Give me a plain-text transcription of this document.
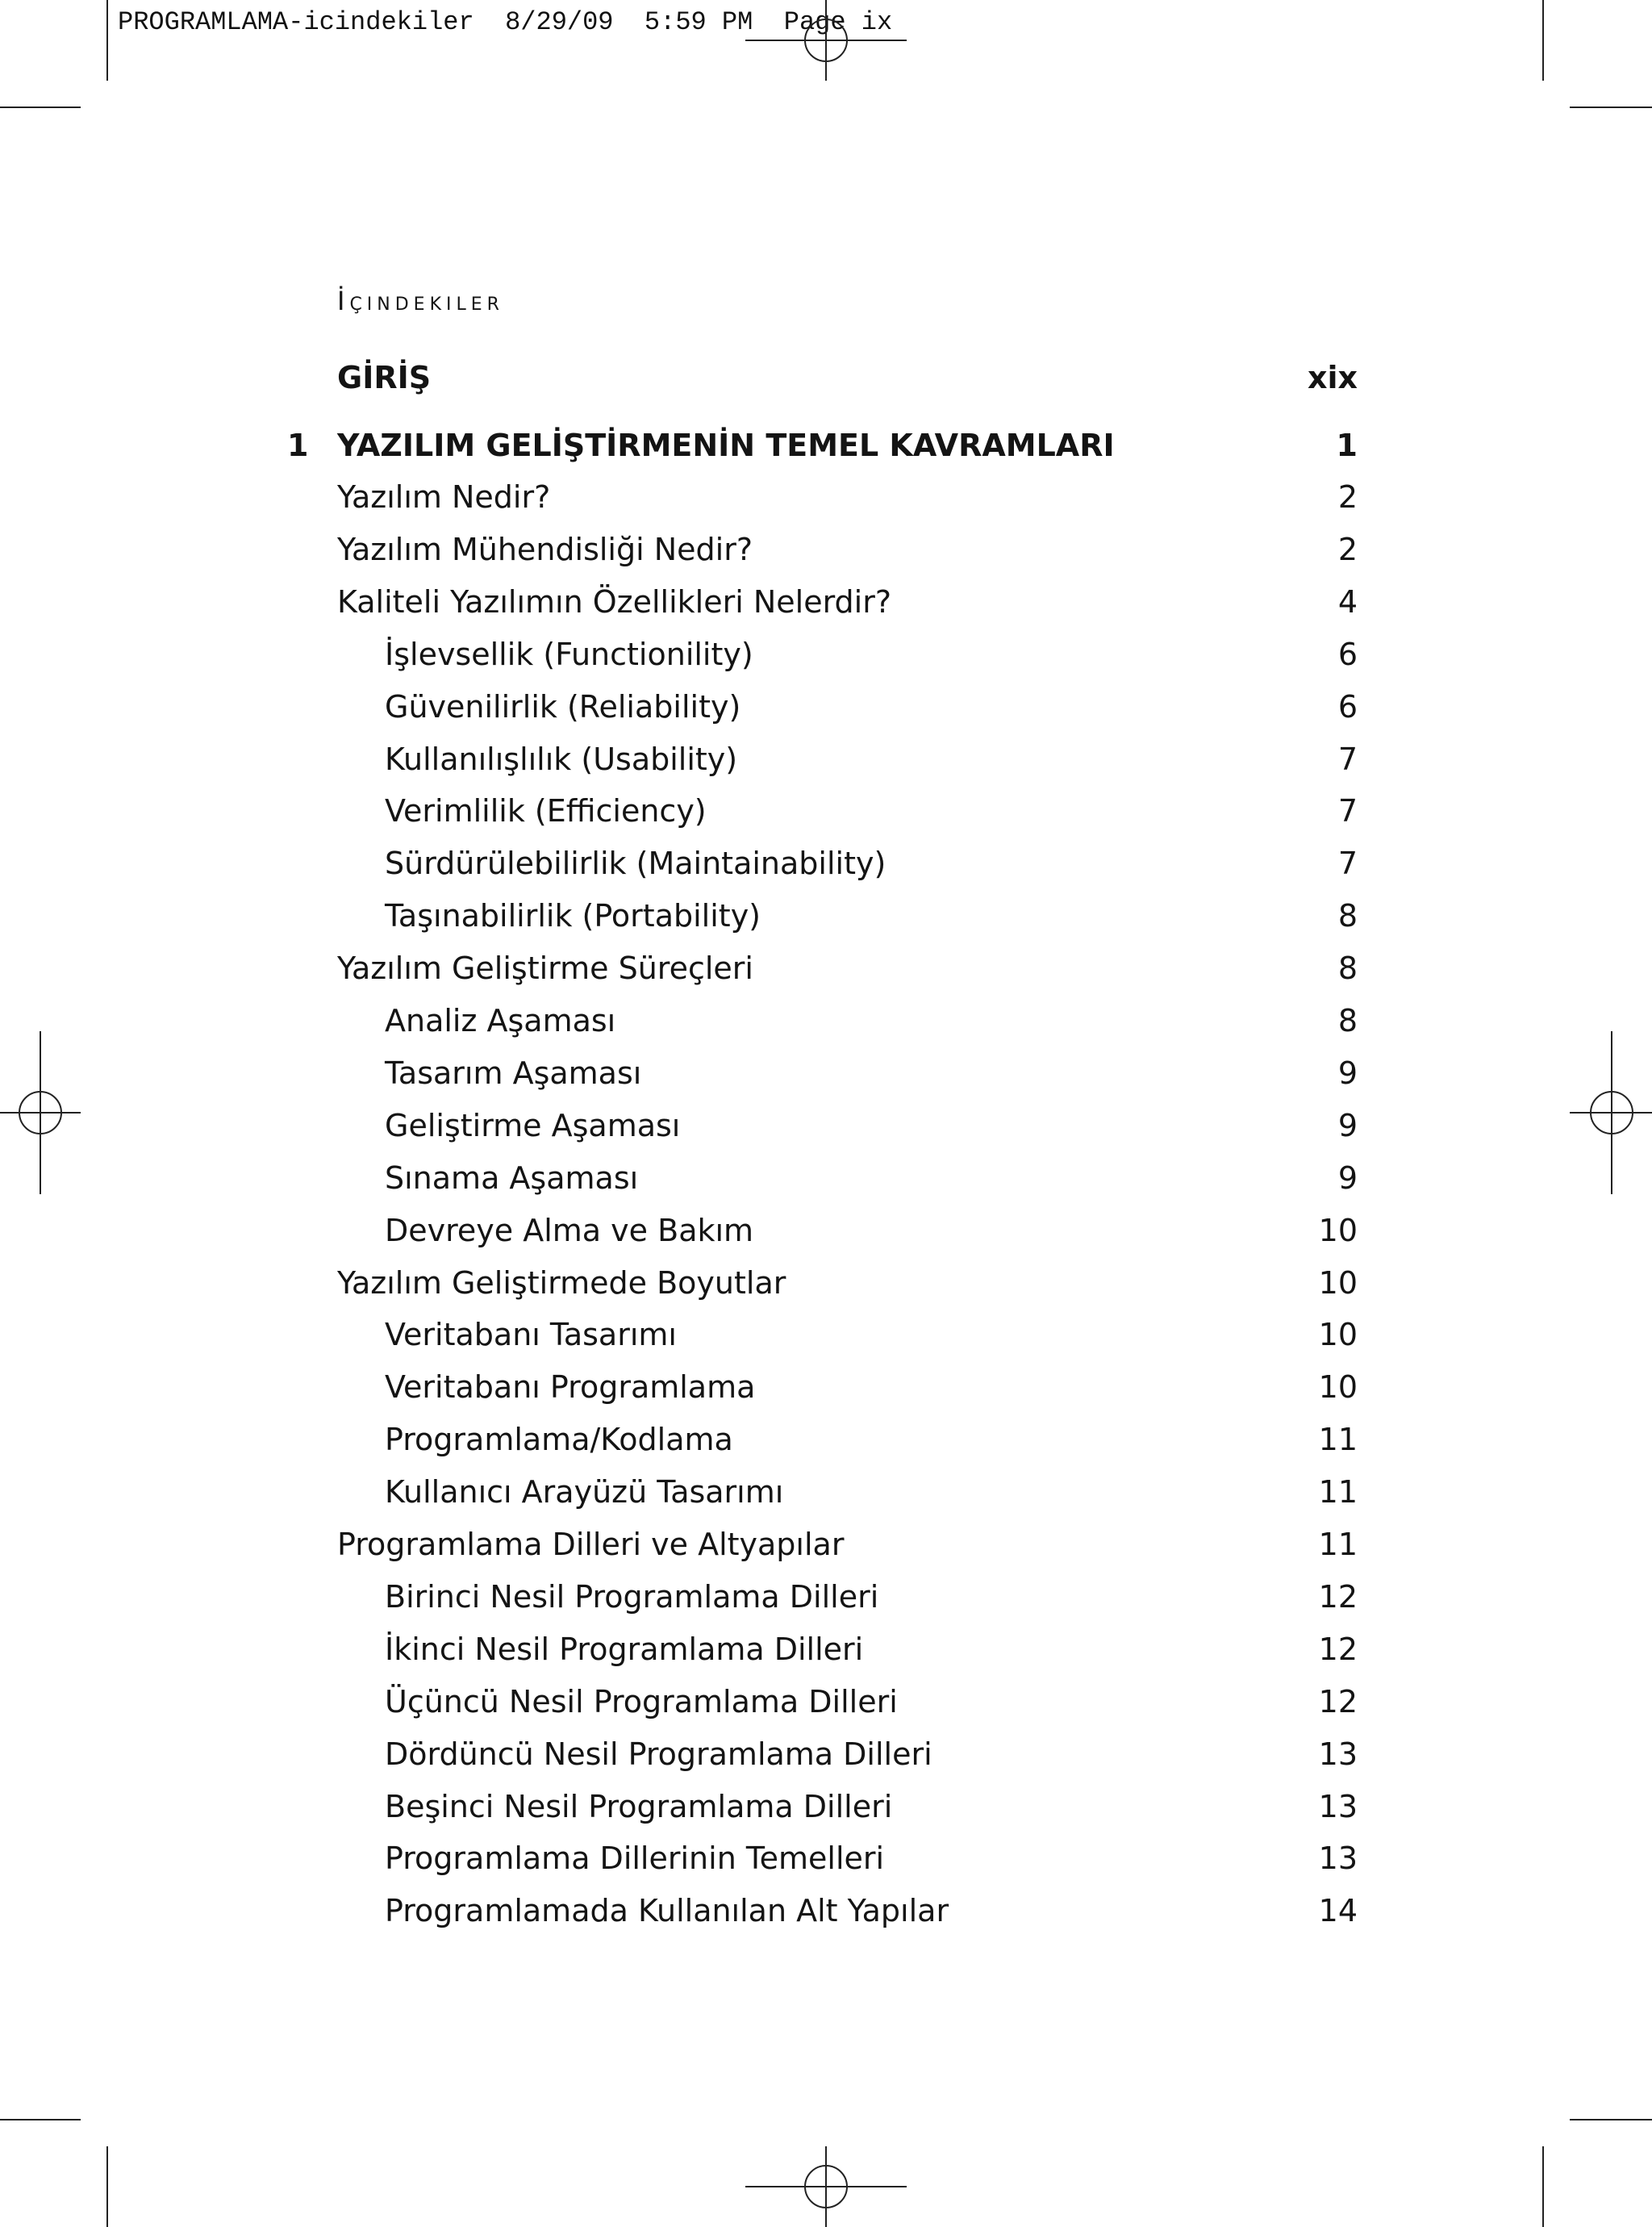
PROGRAMLAMA-icindekiler  8/29/09  5:59 PM  Page ix
İçindekiler
GİRİŞ	xix
1 YAZILIM GELİŞTİRMENİN TEMEL KAVRAMLARI	1
Yazılım Nedir?	2
Yazılım Mühendisliği Nedir?	2
Kaliteli Yazılımın Özellikleri Nelerdir?	4
İşlevsellik (Functionility)	6
Güvenilirlik (Reliability)	6
Kullanılışlılık (Usability)	7
Verimlilik (Efficiency)	7
Sürdürülebilirlik (Maintainability)	7
Taşınabilirlik (Portability)	8
Yazılım Geliştirme Süreçleri	8
Analiz Aşaması	8
Tasarım Aşaması	9
Geliştirme Aşaması	9
Sınama Aşaması	9
Devreye Alma ve Bakım	10
Yazılım Geliştirmede Boyutlar	10
Veritabanı Tasarımı	10
Veritabanı Programlama	10
Programlama/Kodlama	11
Kullanıcı Arayüzü Tasarımı	11
Programlama Dilleri ve Altyapılar	11
Birinci Nesil Programlama Dilleri	12
İkinci Nesil Programlama Dilleri	12
Üçüncü Nesil Programlama Dilleri	12
Dördüncü Nesil Programlama Dilleri	13
Beşinci Nesil Programlama Dilleri	13
Programlama Dillerinin Temelleri	13
Programlamada Kullanılan Alt Yapılar	14
